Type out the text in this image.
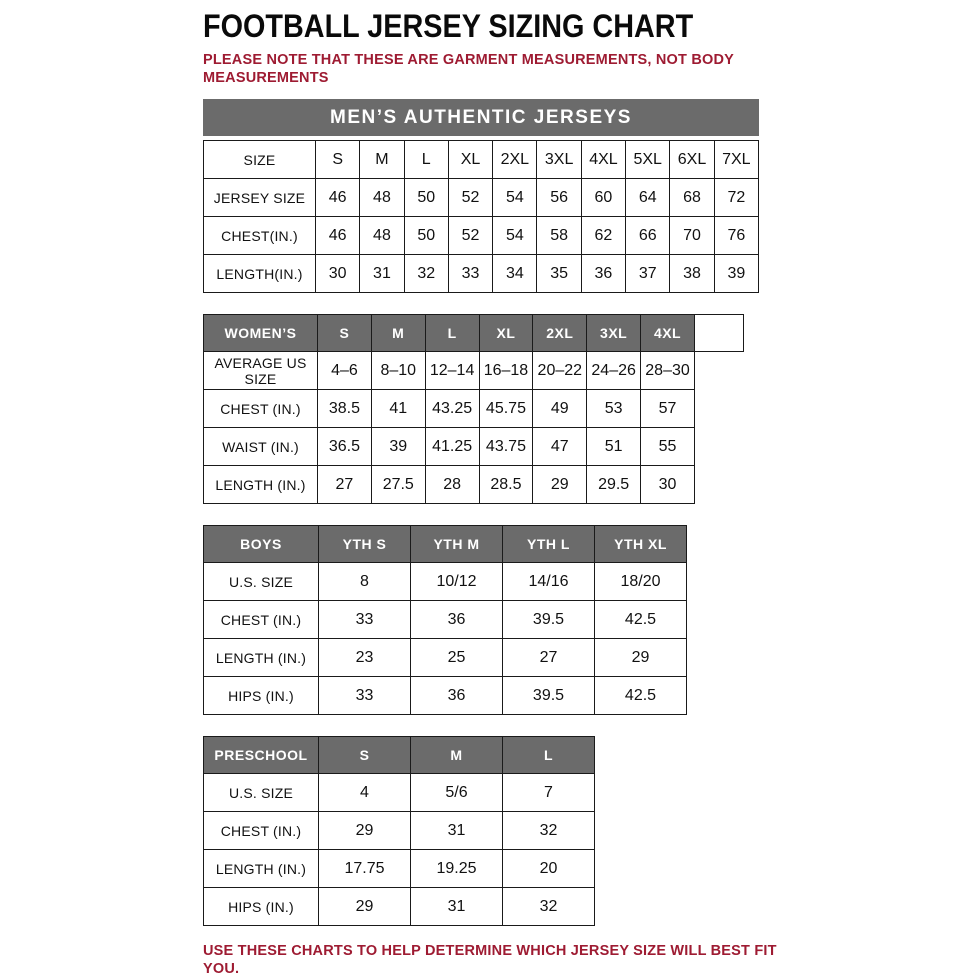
FOOTBALL JERSEY SIZING CHART
PLEASE NOTE THAT THESE ARE GARMENT MEASUREMENTS, NOT BODY MEASUREMENTS
MEN’S AUTHENTIC JERSEYS
SIZE	S	M	L	XL	2XL	3XL	4XL	5XL	6XL	7XL
JERSEY SIZE	46	48	50	52	54	56	60	64	68	72
CHEST(IN.)	46	48	50	52	54	58	62	66	70	76
LENGTH(IN.)	30	31	32	33	34	35	36	37	38	39
WOMEN’S	S	M	L	XL	2XL	3XL	4XL
AVERAGE US SIZE	4–6	8–10	12–14	16–18	20–22	24–26	28–30
CHEST (IN.)	38.5	41	43.25	45.75	49	53	57
WAIST (IN.)	36.5	39	41.25	43.75	47	51	55
LENGTH (IN.)	27	27.5	28	28.5	29	29.5	30
BOYS	YTH S	YTH M	YTH L	YTH XL
U.S. SIZE	8	10/12	14/16	18/20
CHEST (IN.)	33	36	39.5	42.5
LENGTH (IN.)	23	25	27	29
HIPS (IN.)	33	36	39.5	42.5
PRESCHOOL	S	M	L
U.S. SIZE	4	5/6	7
CHEST (IN.)	29	31	32
LENGTH (IN.)	17.75	19.25	20
HIPS (IN.)	29	31	32
USE THESE CHARTS TO HELP DETERMINE WHICH JERSEY SIZE WILL BEST FIT YOU.
